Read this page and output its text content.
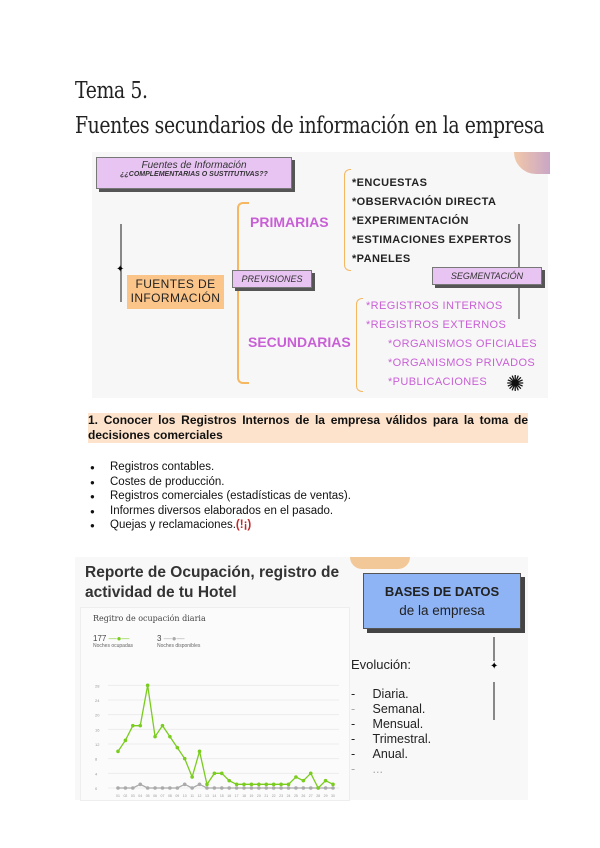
Tema 5.
Fuentes secundarios de información en la empresa
Fuentes de Información
¿¿COMPLEMENTARIAS O SUSTITUTIVAS??
✦
FUENTES DE INFORMACIÓN
PRIMARIAS
SECUNDARIAS
PREVISIONES
*ENCUESTAS
*OBSERVACIÓN DIRECTA
*EXPERIMENTACIÓN
*ESTIMACIONES EXPERTOS
*PANELES
SEGMENTACIÓN
*REGISTROS INTERNOS
*REGISTROS EXTERNOS
*ORGANISMOS OFICIALES
*ORGANISMOS PRIVADOS
*PUBLICACIONES ✺
1. Conocer los Registros Internos de la empresa válidos para la toma de decisiones comerciales
● Registros contables.
● Costes de producción.
● Registros comerciales (estadísticas de ventas).
● Informes diversos elaborados en el pasado.
● Quejas y reclamaciones.(!¡)
Reporte de Ocupación, registro de
actividad de tu Hotel
Regitro de ocupación diaria
177 —●—
Noches ocupadas
3 —●—
Noches disponibles
0
4
8
12
16
20
24
28
01 02 03 04 05 06 07 08 09 10 11 12 13 14 15 16 17 18 19 20 21 22 23 24 25 26 27 28 29 30
BASES DE DATOS
de la empresa
✦
Evolución:
-     Diaria.
- Semanal.
-     Mensual.
-     Trimestral.
-     Anual.
-     ...
